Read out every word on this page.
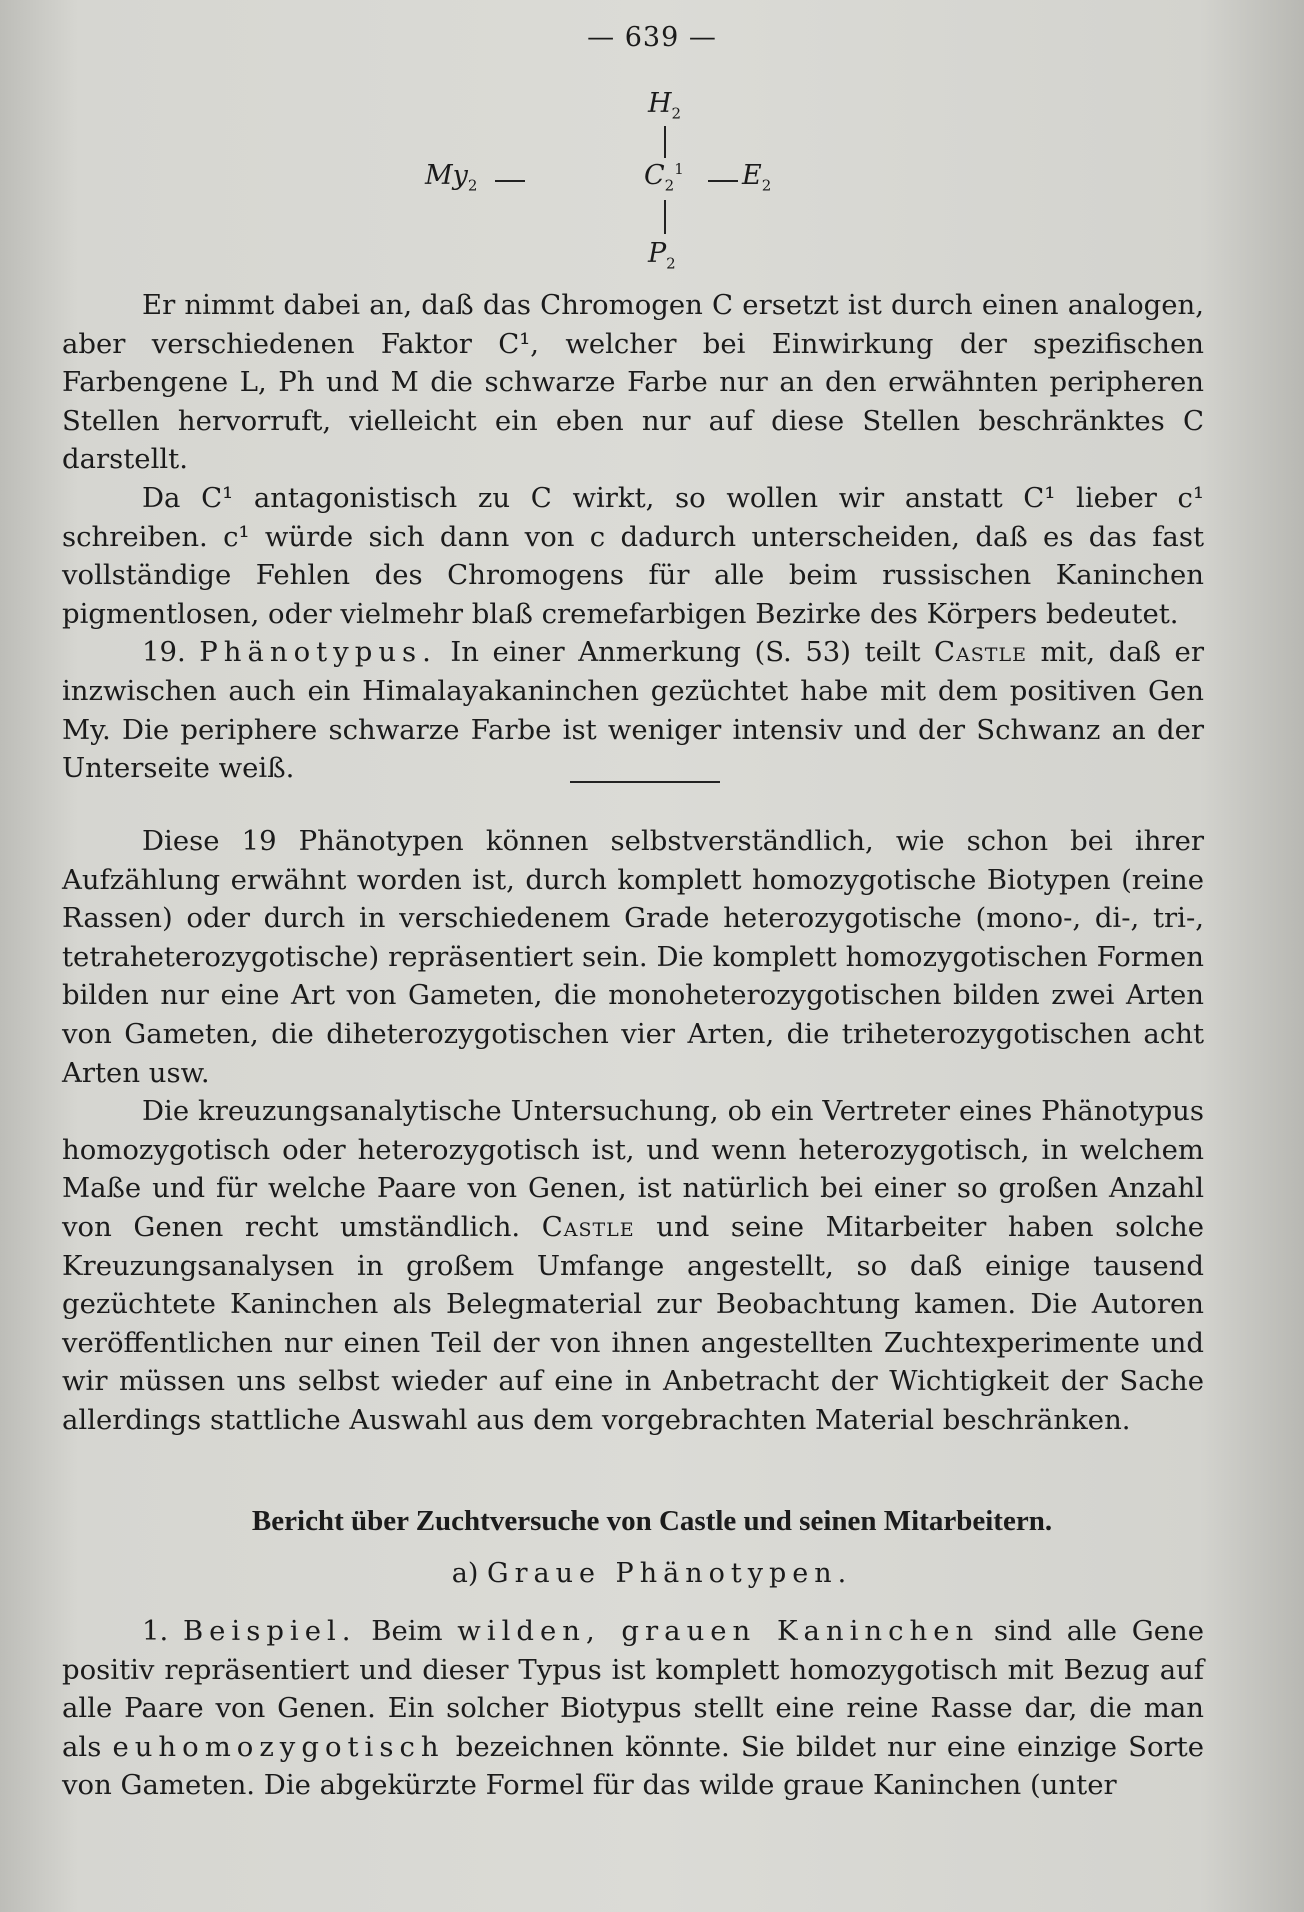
— 639 —
$H_2$
$My_2$	$C_2^1$ $E_2$
$P_2$

Er nimmt dabei an, daß das Chromogen C ersetzt ist durch einen analogen, aber verschiedenen Faktor C¹, welcher bei Einwirkung der spezifischen Farbengene L, Ph und M die schwarze Farbe nur an den erwähnten peripheren Stellen hervorruft, vielleicht ein eben nur auf diese Stellen beschränktes C darstellt.

Da C¹ antagonistisch zu C wirkt, so wollen wir anstatt C¹ lieber c¹ schreiben. c¹ würde sich dann von c dadurch unterscheiden, daß es das fast vollständige Fehlen des Chromogens für alle beim russischen Kaninchen pigmentlosen, oder vielmehr blaß cremefarbigen Bezirke des Körpers bedeutet.

19. Phänotypus. In einer Anmerkung (S. 53) teilt Castle mit, daß er inzwischen auch ein Himalayakaninchen gezüchtet habe mit dem positiven Gen My. Die periphere schwarze Farbe ist weniger intensiv und der Schwanz an der Unterseite weiß.

Diese 19 Phänotypen können selbstverständlich, wie schon bei ihrer Aufzählung erwähnt worden ist, durch komplett homozygotische Biotypen (reine Rassen) oder durch in verschiedenem Grade heterozygotische (mono-, di-, tri-, tetraheterozygotische) repräsentiert sein. Die komplett homozygotischen Formen bilden nur eine Art von Gameten, die monoheterozygotischen bilden zwei Arten von Gameten, die diheterozygotischen vier Arten, die triheterozygotischen acht Arten usw.

Die kreuzungsanalytische Untersuchung, ob ein Vertreter eines Phänotypus homozygotisch oder heterozygotisch ist, und wenn heterozygotisch, in welchem Maße und für welche Paare von Genen, ist natürlich bei einer so großen Anzahl von Genen recht umständlich. Castle und seine Mitarbeiter haben solche Kreuzungsanalysen in großem Umfange angestellt, so daß einige tausend gezüchtete Kaninchen als Belegmaterial zur Beobachtung kamen. Die Autoren veröffentlichen nur einen Teil der von ihnen angestellten Zuchtexperimente und wir müssen uns selbst wieder auf eine in Anbetracht der Wichtigkeit der Sache allerdings stattliche Auswahl aus dem vorgebrachten Material beschränken.

Bericht über Zuchtversuche von Castle und seinen Mitarbeitern.
a) Graue Phänotypen.

1. Beispiel. Beim wilden, grauen Kaninchen sind alle Gene positiv repräsentiert und dieser Typus ist komplett homozygotisch mit Bezug auf alle Paare von Genen. Ein solcher Biotypus stellt eine reine Rasse dar, die man als euhomozygotisch bezeichnen könnte. Sie bildet nur eine einzige Sorte von Gameten. Die abgekürzte Formel für das wilde graue Kaninchen (unter
